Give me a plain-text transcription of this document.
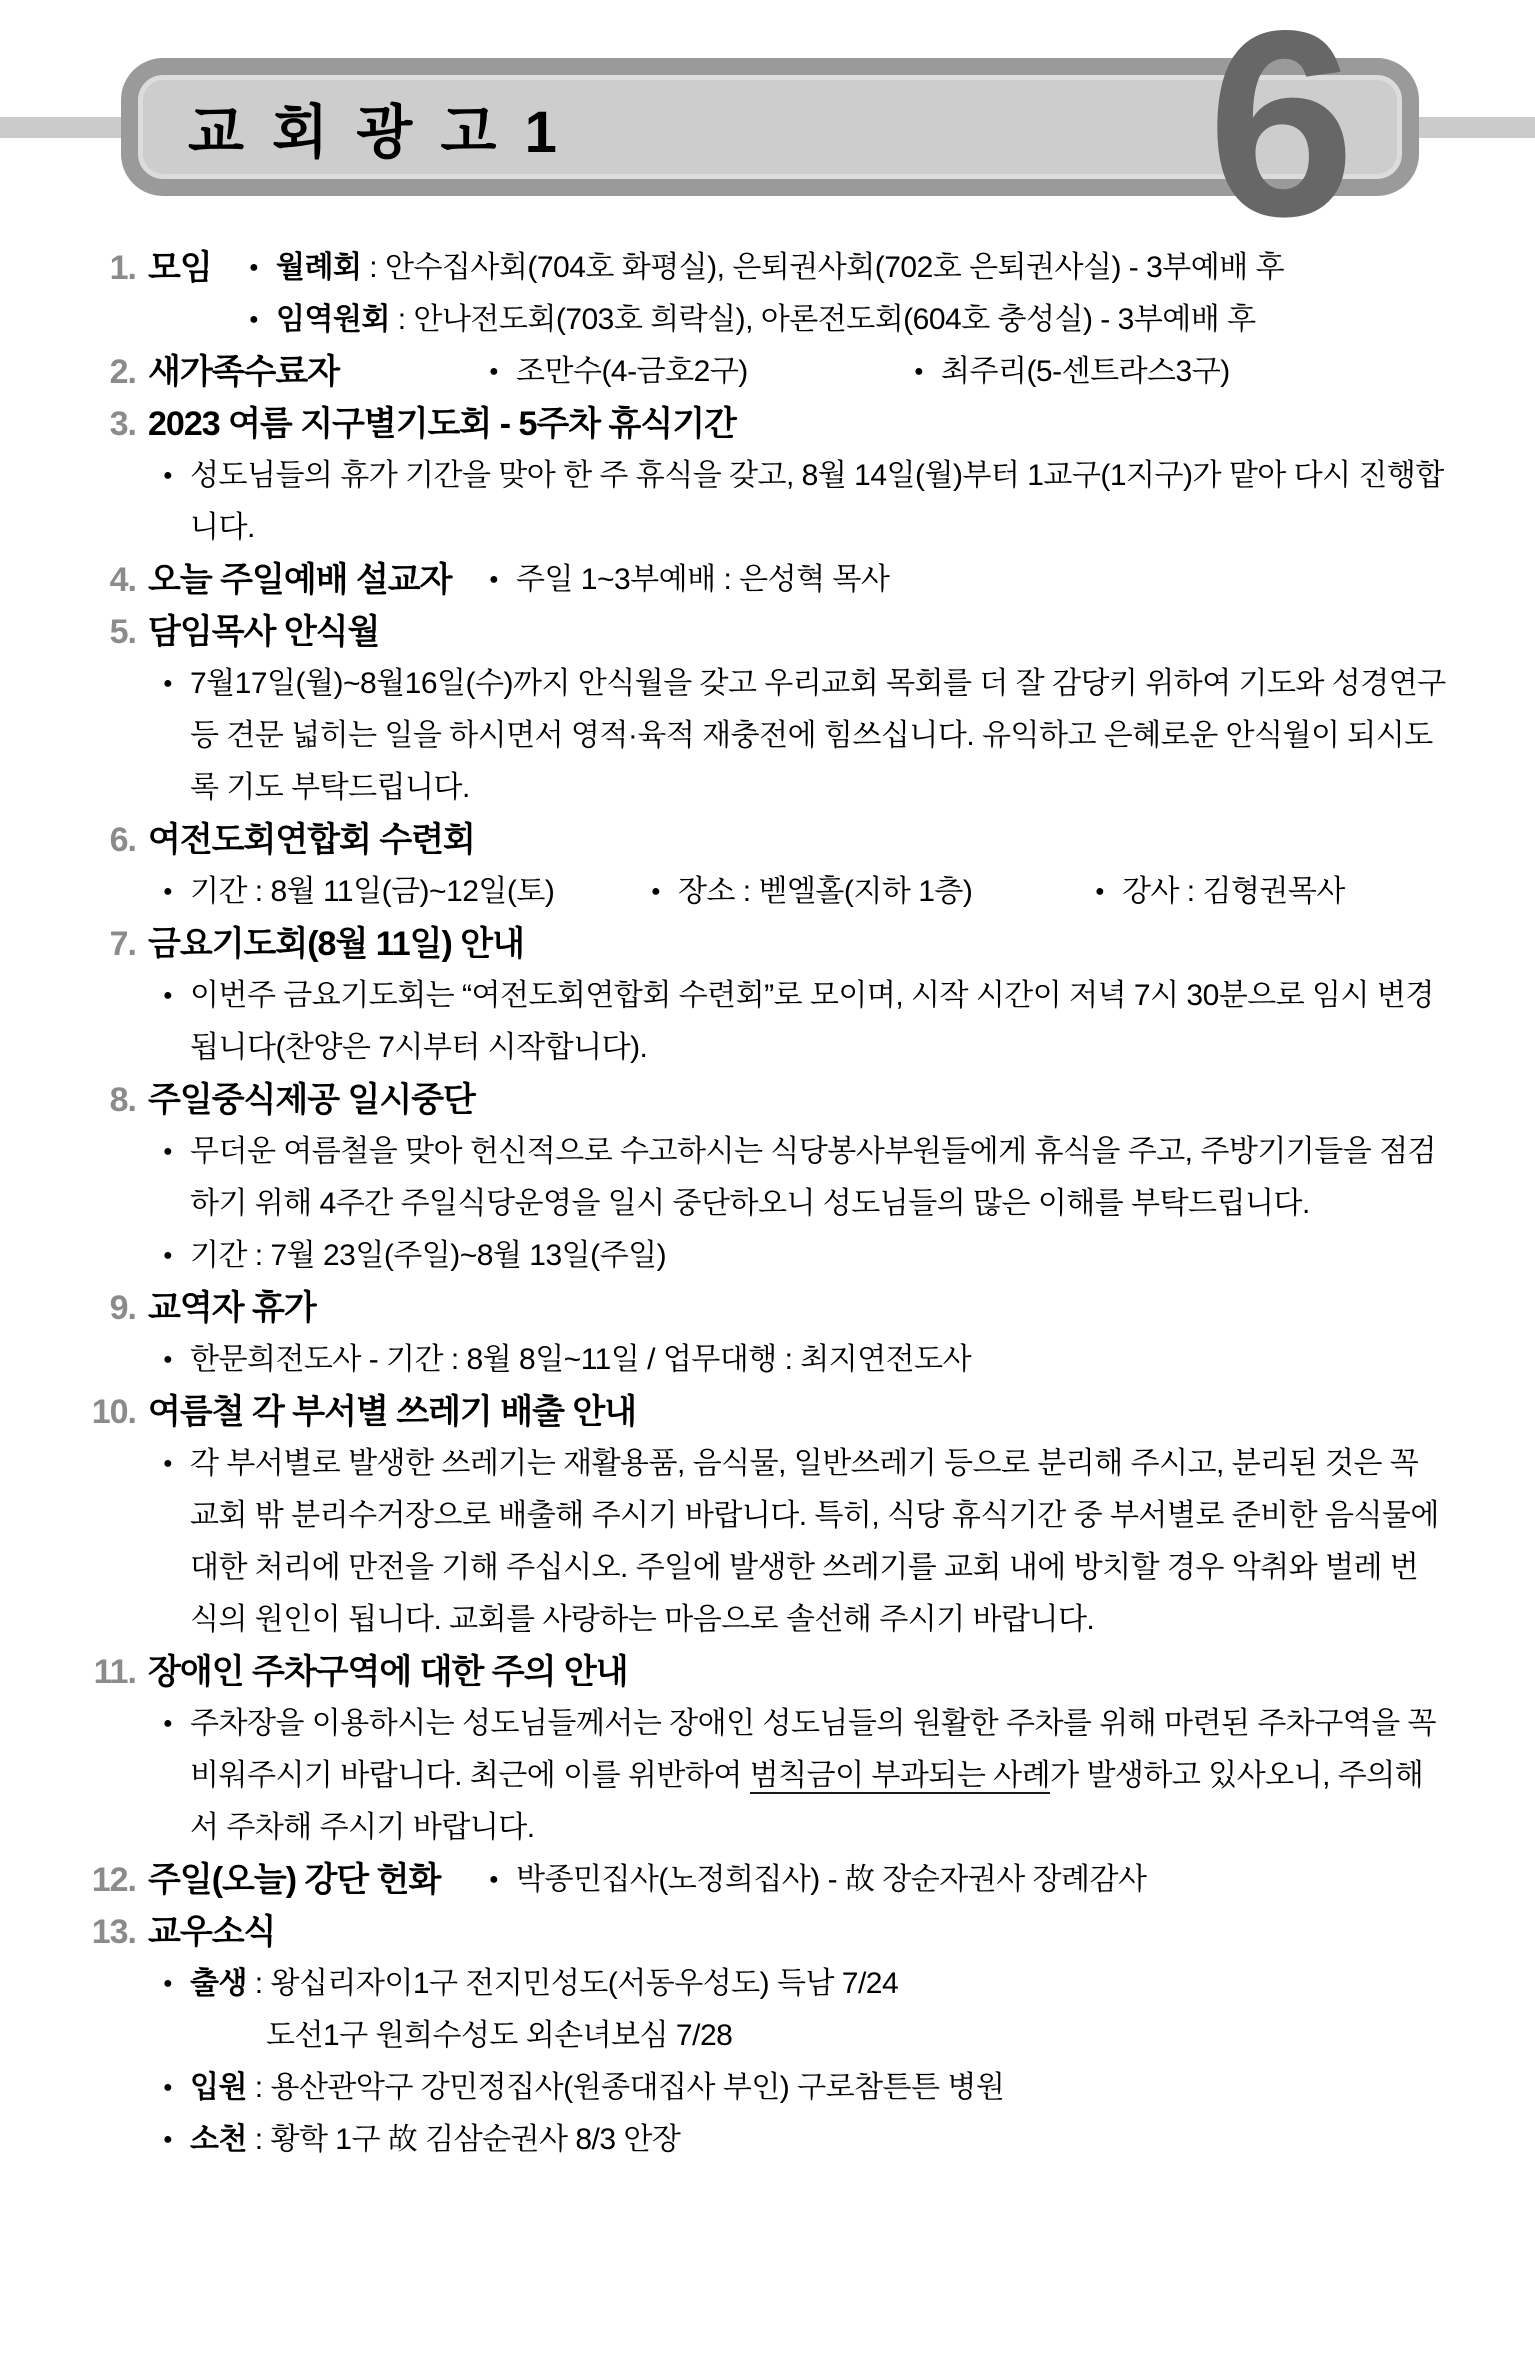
교 회 광 고 1 6
1. 모임	● 월례회 : 안수집사회(704호 화평실), 은퇴권사회(702호 은퇴권사실) - 3부예배 후
● 임역원회 : 안나전도회(703호 희락실), 아론전도회(604호 충성실) - 3부예배 후
2. 새가족수료자	● 조만수(4-금호2구)	● 최주리(5-센트라스3구)
3. 2023 여름 지구별기도회 - 5주차 휴식기간
● 성도님들의 휴가 기간을 맞아 한 주 휴식을 갖고, 8월 14일(월)부터 1교구(1지구)가 맡아 다시 진행합니다.
4. 오늘 주일예배 설교자	● 주일 1~3부예배 : 은성혁 목사
5. 담임목사 안식월
● 7월17일(월)~8월16일(수)까지 안식월을 갖고 우리교회 목회를 더 잘 감당키 위하여 기도와 성경연구 등 견문 넓히는 일을 하시면서 영적·육적 재충전에 힘쓰십니다. 유익하고 은혜로운 안식월이 되시도록 기도 부탁드립니다.
6. 여전도회연합회 수련회
● 기간 : 8월 11일(금)~12일(토)	● 장소 : 벧엘홀(지하 1층)	● 강사 : 김형권목사
7. 금요기도회(8월 11일) 안내
● 이번주 금요기도회는 “여전도회연합회 수련회”로 모이며, 시작 시간이 저녁 7시 30분으로 임시 변경됩니다(찬양은 7시부터 시작합니다).
8. 주일중식제공 일시중단
● 무더운 여름철을 맞아 헌신적으로 수고하시는 식당봉사부원들에게 휴식을 주고, 주방기기들을 점검하기 위해 4주간 주일식당운영을 일시 중단하오니 성도님들의 많은 이해를 부탁드립니다.
● 기간 : 7월 23일(주일)~8월 13일(주일)
9. 교역자 휴가
● 한문희전도사 - 기간 : 8월 8일~11일 / 업무대행 : 최지연전도사
10. 여름철 각 부서별 쓰레기 배출 안내
● 각 부서별로 발생한 쓰레기는 재활용품, 음식물, 일반쓰레기 등으로 분리해 주시고, 분리된 것은 꼭 교회 밖 분리수거장으로 배출해 주시기 바랍니다. 특히, 식당 휴식기간 중 부서별로 준비한 음식물에 대한 처리에 만전을 기해 주십시오. 주일에 발생한 쓰레기를 교회 내에 방치할 경우 악취와 벌레 번식의 원인이 됩니다. 교회를 사랑하는 마음으로 솔선해 주시기 바랍니다.
11. 장애인 주차구역에 대한 주의 안내
● 주차장을 이용하시는 성도님들께서는 장애인 성도님들의 원활한 주차를 위해 마련된 주차구역을 꼭 비워주시기 바랍니다. 최근에 이를 위반하여 범칙금이 부과되는 사례가 발생하고 있사오니, 주의해서 주차해 주시기 바랍니다.
12. 주일(오늘) 강단 헌화	● 박종민집사(노정희집사) - 故 장순자권사 장례감사
13. 교우소식
● 출생 : 왕십리자이1구 전지민성도(서동우성도) 득남 7/24
도선1구 원희수성도 외손녀보심 7/28
● 입원 : 용산관악구 강민정집사(원종대집사 부인) 구로참튼튼 병원
● 소천 : 황학 1구 故 김삼순권사 8/3 안장
